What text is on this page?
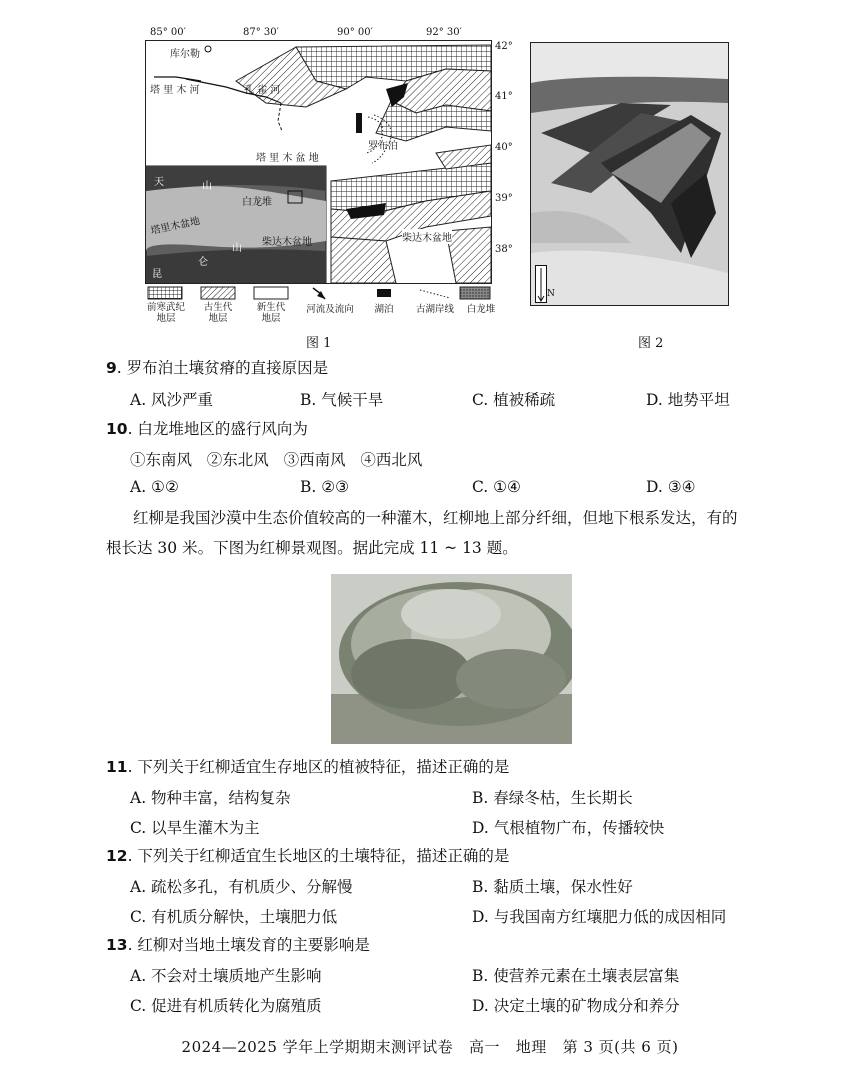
85° 00′	87° 30′	90° 00′	92° 30′
42°
41°
40°
39°
38°
库尔勒
塔 里 木 河	孔 雀 河
罗布泊
塔 里 木 盆 地
柴达木盆地
天	山
白龙堆
塔里木盆地
柴达木盆地
山
昆
仑
前寒武纪
地层
古生代
地层
新生代
地层
河流及流向	湖泊	古湖岸线	白龙堆
N
图 1	图 2
9. 罗布泊土壤贫瘠的直接原因是
A. 风沙严重	B. 气候干旱	C. 植被稀疏	D. 地势平坦
10. 白龙堆地区的盛行风向为
①东南风   ②东北风   ③西南风   ④西北风
A. ①②	B. ②③	C. ①④	D. ③④
红柳是我国沙漠中生态价值较高的一种灌木，红柳地上部分纤细，但地下根系发达，有的
根长达 30 米。下图为红柳景观图。据此完成 11 ~ 13 题。
11. 下列关于红柳适宜生存地区的植被特征，描述正确的是
A. 物种丰富，结构复杂	B. 春绿冬枯，生长期长
C. 以旱生灌木为主	D. 气根植物广布，传播较快
12. 下列关于红柳适宜生长地区的土壤特征，描述正确的是
A. 疏松多孔，有机质少、分解慢	B. 黏质土壤，保水性好
C. 有机质分解快，土壤肥力低	D. 与我国南方红壤肥力低的成因相同
13. 红柳对当地土壤发育的主要影响是
A. 不会对土壤质地产生影响	B. 使营养元素在土壤表层富集
C. 促进有机质转化为腐殖质	D. 决定土壤的矿物成分和养分
2024—2025 学年上学期期末测评试卷   高一   地理   第 3 页(共 6 页)
